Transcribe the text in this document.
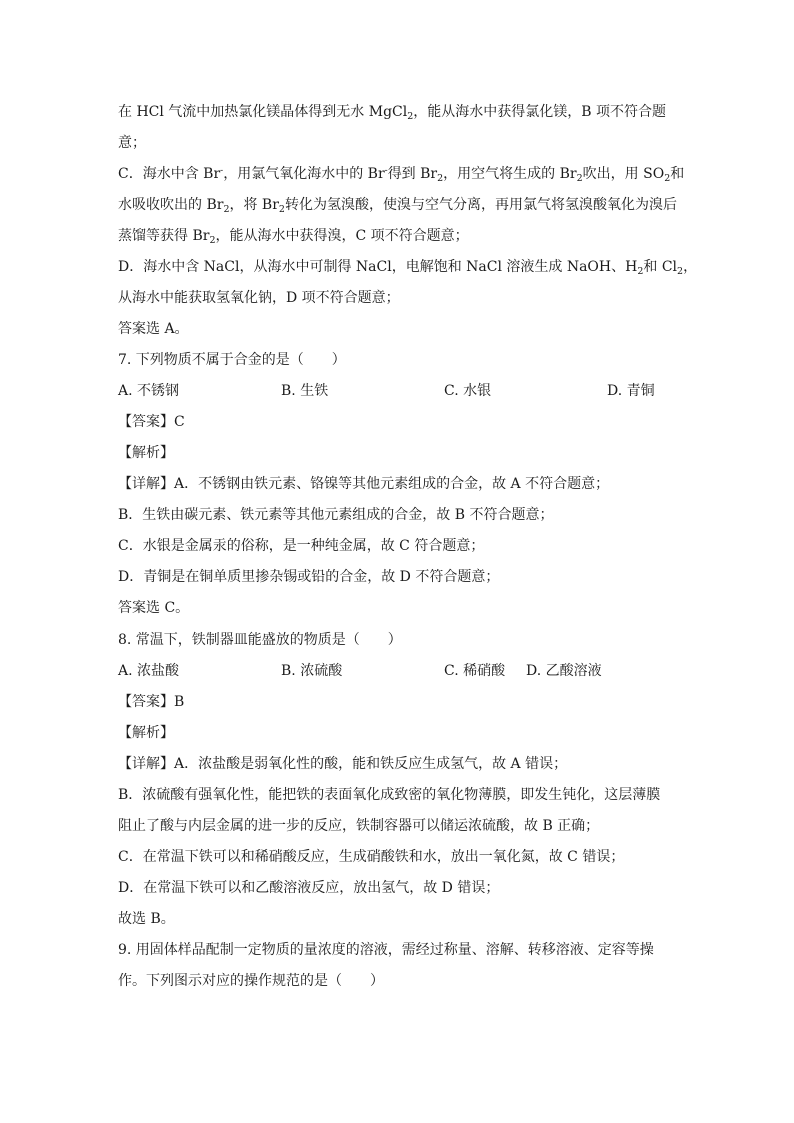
在 HCl 气流中加热氯化镁晶体得到无水 MgCl$_2$，能从海水中获得氯化镁，B 项不符合题
意；
C．海水中含 Br-，用氯气氧化海水中的 Br-得到 $Br_2$，用空气将生成的 $Br_2$吹出，用 $SO_2$和
水吸收吹出的 $Br_2$，将 $Br_2$转化为氢溴酸，使溴与空气分离，再用氯气将氢溴酸氧化为溴后
蒸馏等获得 $Br_2$，能从海水中获得溴，C 项不符合题意；
D．海水中含 NaCl，从海水中可制得 NaCl，电解饱和 NaCl 溶液生成 NaOH、$H_2$和 $Cl_2$，
从海水中能获取氢氧化钠，D 项不符合题意；
答案选 A。
7. 下列物质不属于合金的是（　　）
A. 不锈钢	B. 生铁	C. 水银	D. 青铜
【答案】C
【解析】
【详解】A．不锈钢由铁元素、铬镍等其他元素组成的合金，故 A 不符合题意；
B．生铁由碳元素、铁元素等其他元素组成的合金，故 B 不符合题意；
C．水银是金属汞的俗称，是一种纯金属，故 C 符合题意；
D．青铜是在铜单质里掺杂锡或铅的合金，故 D 不符合题意；
答案选 C。
8. 常温下，铁制器皿能盛放的物质是（　　）
A. 浓盐酸	B. 浓硫酸	C. 稀硝酸 D. 乙酸溶液
【答案】B
【解析】
【详解】A．浓盐酸是弱氧化性的酸，能和铁反应生成氢气，故 A 错误；
B．浓硫酸有强氧化性，能把铁的表面氧化成致密的氧化物薄膜，即发生钝化，这层薄膜
阻止了酸与内层金属的进一步的反应，铁制容器可以储运浓硫酸，故 B 正确；
C．在常温下铁可以和稀硝酸反应，生成硝酸铁和水，放出一氧化氮，故 C 错误；
D．在常温下铁可以和乙酸溶液反应，放出氢气，故 D 错误；
故选 B。
9. 用固体样品配制一定物质的量浓度的溶液，需经过称量、溶解、转移溶液、定容等操
作。下列图示对应的操作规范的是（　　）
